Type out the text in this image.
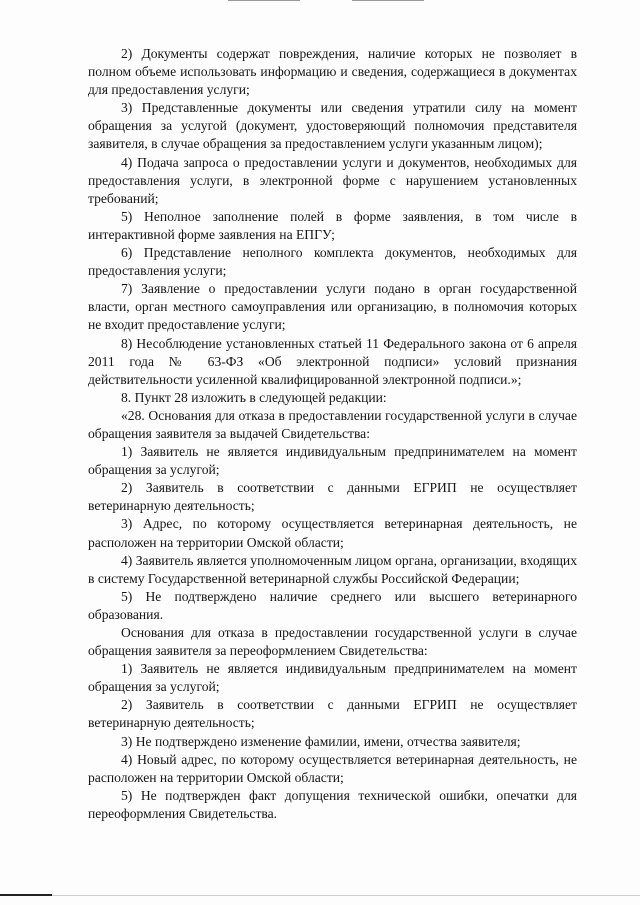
2) Документы содержат повреждения, наличие которых не позволяет в полном объеме использовать информацию и сведения, содержащиеся в документах для предоставления услуги;

3) Представленные документы или сведения утратили силу на момент обращения за услугой (документ, удостоверяющий полномочия представителя заявителя, в случае обращения за предоставлением услуги указанным лицом);

4) Подача запроса о предоставлении услуги и документов, необходимых для предоставления услуги, в электронной форме с нарушением установленных требований;

5) Неполное заполнение полей в форме заявления, в том числе в интерактивной форме заявления на ЕПГУ;

6) Представление неполного комплекта документов, необходимых для предоставления услуги;

7) Заявление о предоставлении услуги подано в орган государственной власти, орган местного самоуправления или организацию, в полномочия которых не входит предоставление услуги;

8) Несоблюдение установленных статьей 11 Федерального закона от 6 апреля 2011 года № 63-ФЗ «Об электронной подписи» условий признания действительности усиленной квалифицированной электронной подписи.»;

8. Пункт 28 изложить в следующей редакции:

«28. Основания для отказа в предоставлении государственной услуги в случае обращения заявителя за выдачей Свидетельства:

1) Заявитель не является индивидуальным предпринимателем на момент обращения за услугой;

2) Заявитель в соответствии с данными ЕГРИП не осуществляет ветеринарную деятельность;

3) Адрес, по которому осуществляется ветеринарная деятельность, не расположен на территории Омской области;

4) Заявитель является уполномоченным лицом органа, организации, входящих в систему Государственной ветеринарной службы Российской Федерации;

5) Не подтверждено наличие среднего или высшего ветеринарного образования.

Основания для отказа в предоставлении государственной услуги в случае обращения заявителя за переоформлением Свидетельства:

1) Заявитель не является индивидуальным предпринимателем на момент обращения за услугой;

2) Заявитель в соответствии с данными ЕГРИП не осуществляет ветеринарную деятельность;

3) Не подтверждено изменение фамилии, имени, отчества заявителя;

4) Новый адрес, по которому осуществляется ветеринарная деятельность, не расположен на территории Омской области;

5) Не подтвержден факт допущения технической ошибки, опечатки для переоформления Свидетельства.
